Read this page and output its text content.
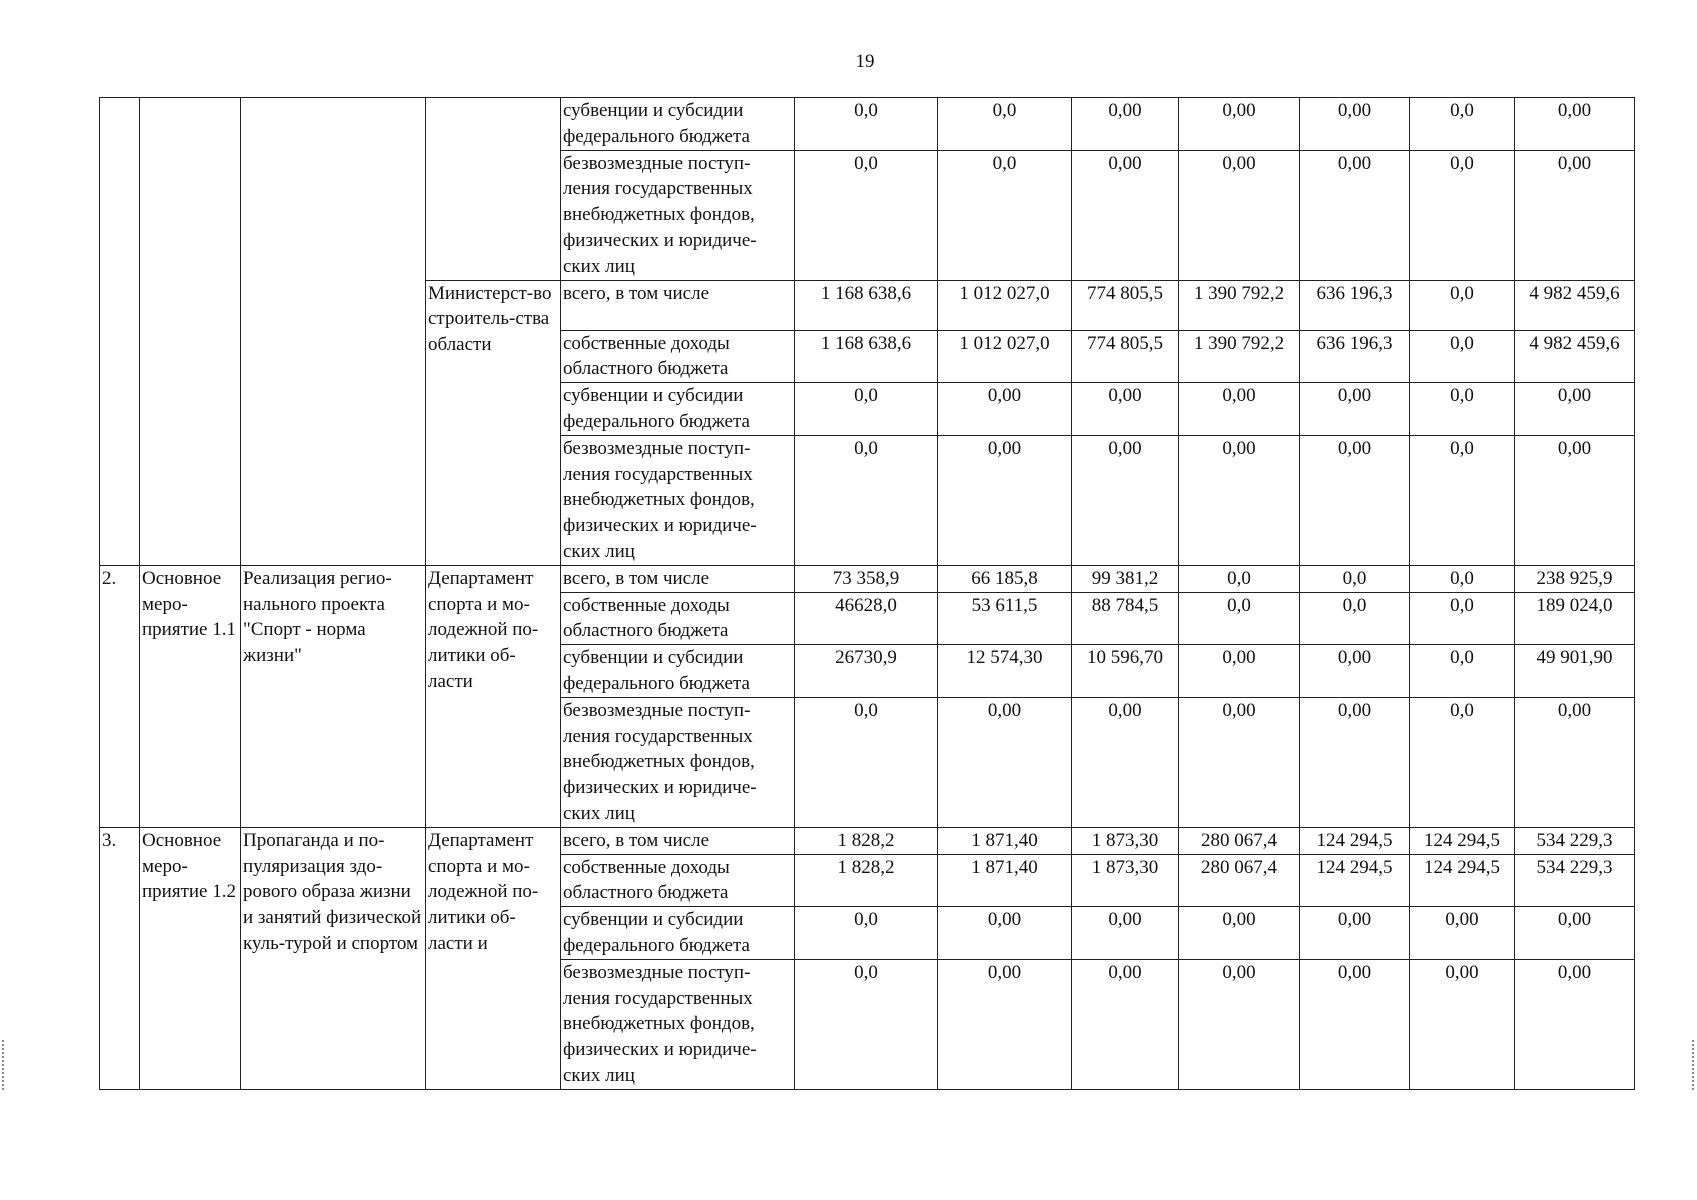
19
				субвенции и субсидии федерального бюджета	0,0	0,0	0,00	0,00	0,00	0,0	0,00
				безвозмездные поступ-ления государственных внебюджетных фондов, физических и юридиче-ских лиц	0,0	0,0	0,00	0,00	0,00	0,0	0,00
			Министерст-во строитель-ства области	всего, в том числе	1 168 638,6	1 012 027,0	774 805,5	1 390 792,2	636 196,3	0,0	4 982 459,6
				собственные доходы областного бюджета	1 168 638,6	1 012 027,0	774 805,5	1 390 792,2	636 196,3	0,0	4 982 459,6
				субвенции и субсидии федерального бюджета	0,0	0,00	0,00	0,00	0,00	0,0	0,00
				безвозмездные поступ-ления государственных внебюджетных фондов, физических и юридиче-ских лиц	0,0	0,00	0,00	0,00	0,00	0,0	0,00
2.	Основное меро-приятие 1.1	Реализация регио-нального проекта "Спорт - норма жизни"	Департамент спорта и мо-лодежной по-литики об-ласти	всего, в том числе	73 358,9	66 185,8	99 381,2	0,0	0,0	0,0	238 925,9
				собственные доходы областного бюджета	46628,0	53 611,5	88 784,5	0,0	0,0	0,0	189 024,0
				субвенции и субсидии федерального бюджета	26730,9	12 574,30	10 596,70	0,00	0,00	0,0	49 901,90
				безвозмездные поступ-ления государственных внебюджетных фондов, физических и юридиче-ских лиц	0,0	0,00	0,00	0,00	0,00	0,0	0,00
3.	Основное меро-приятие 1.2	Пропаганда и по-пуляризация здо-рового образа жизни и занятий физической куль-турой и спортом	Департамент спорта и мо-лодежной по-литики об-ласти и	всего, в том числе	1 828,2	1 871,40	1 873,30	280 067,4	124 294,5	124 294,5	534 229,3
				собственные доходы областного бюджета	1 828,2	1 871,40	1 873,30	280 067,4	124 294,5	124 294,5	534 229,3
				субвенции и субсидии федерального бюджета	0,0	0,00	0,00	0,00	0,00	0,00	0,00
				безвозмездные поступ-ления государственных внебюджетных фондов, физических и юридиче-ских лиц	0,0	0,00	0,00	0,00	0,00	0,00	0,00
